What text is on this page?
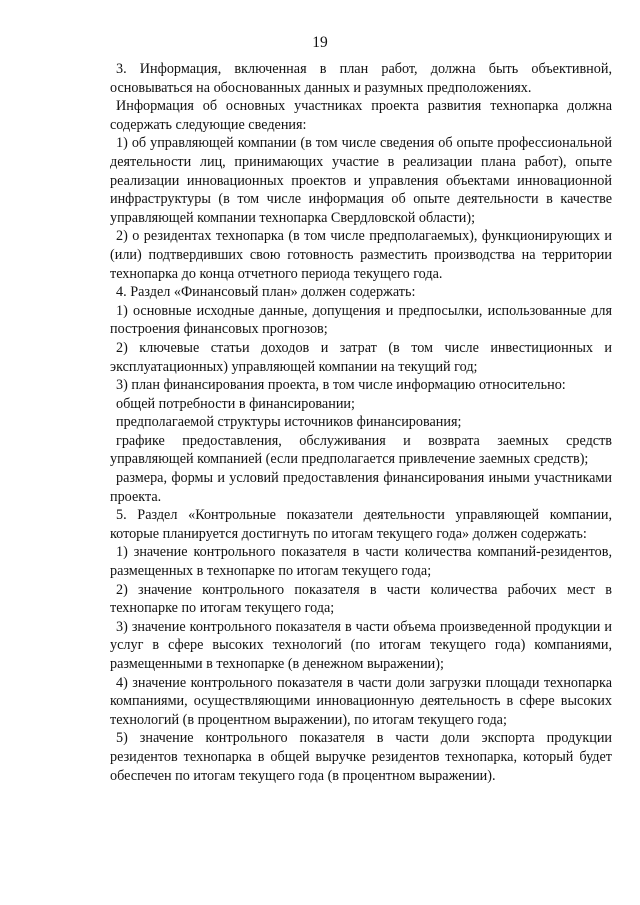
19

3. Информация, включенная в план работ, должна быть объективной, основываться на обоснованных данных и разумных предположениях.

Информация об основных участниках проекта развития технопарка должна содержать следующие сведения:

1) об управляющей компании (в том числе сведения об опыте профессиональной деятельности лиц, принимающих участие в реализации плана работ), опыте реализации инновационных проектов и управления объектами инновационной инфраструктуры (в том числе информация об опыте деятельности в качестве управляющей компании технопарка Свердловской области);

2) о резидентах технопарка (в том числе предполагаемых), функционирующих и (или) подтвердивших свою готовность разместить производства на территории технопарка до конца отчетного периода текущего года.

4. Раздел «Финансовый план» должен содержать:

1) основные исходные данные, допущения и предпосылки, использованные для построения финансовых прогнозов;

2) ключевые статьи доходов и затрат (в том числе инвестиционных и эксплуатационных) управляющей компании на текущий год;

3) план финансирования проекта, в том числе информацию относительно:

общей потребности в финансировании;

предполагаемой структуры источников финансирования;

графике предоставления, обслуживания и возврата заемных средств управляющей компанией (если предполагается привлечение заемных средств);

размера, формы и условий предоставления финансирования иными участниками проекта.

5. Раздел «Контрольные показатели деятельности управляющей компании, которые планируется достигнуть по итогам текущего года» должен содержать:

1) значение контрольного показателя в части количества компаний-резидентов, размещенных в технопарке по итогам текущего года;

2) значение контрольного показателя в части количества рабочих мест в технопарке по итогам текущего года;

3) значение контрольного показателя в части объема произведенной продукции и услуг в сфере высоких технологий (по итогам текущего года) компаниями, размещенными в технопарке (в денежном выражении);

4) значение контрольного показателя в части доли загрузки площади технопарка компаниями, осуществляющими инновационную деятельность в сфере высоких технологий (в процентном выражении), по итогам текущего года;

5) значение контрольного показателя в части доли экспорта продукции резидентов технопарка в общей выручке резидентов технопарка, который будет обеспечен по итогам текущего года (в процентном выражении).
